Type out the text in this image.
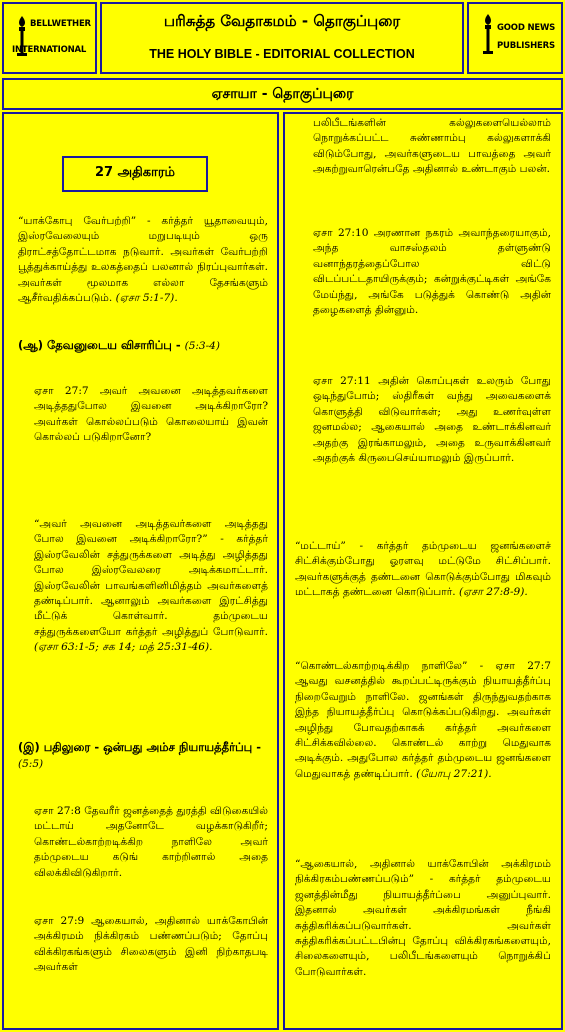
BELLWETHER
INTERNATIONAL
பரிசுத்த வேதாகமம் - தொகுப்புரை
THE HOLY BIBLE - EDITORIAL COLLECTION
GOOD NEWS
PUBLISHERS
ஏசாயா - தொகுப்புரை
27 அதிகாரம்

“யாக்கோபு வேர்பற்றி” - கர்த்தர் யூதாவையும், இஸ்ரவேலையும் மறுபடியும் ஒரு திராட்சத்தோட்டமாக நடுவார். அவர்கள் வேர்பற்றி பூத்துக்காய்த்து உலகத்தைப் பலனால் நிரப்புவார்கள். அவர்கள் மூலமாக எல்லா தேசங்களும் ஆசீர்வதிக்கப்படும். (ஏசா 5:1-7).

(ஆ) தேவனுடைய விசாரிப்பு - (5:3-4)

ஏசா 27:7 அவர் அவனை அடித்தவர்களை அடித்ததுபோல இவனை அடிக்கிறாரோ? அவர்கள் கொல்லப்படும் கொலையாய் இவன் கொல்லப் படுகிறானோ?

“அவர் அவனை அடித்தவர்களை அடித்தது போல இவனை அடிக்கிறாரோ?” - கர்த்தர் இஸ்ரவேலின் சத்துருக்களை அடித்து அழித்தது போல இஸ்ரவேலரை அடிக்கமாட்டார். இஸ்ரவேலின் பாவங்களினிமித்தம் அவர்களைத் தண்டிப்பார். ஆனாலும் அவர்களை இரட்சித்து மீட்டுக் கொள்வார். தம்முடைய சத்துருக்களையோ கர்த்தர் அழித்துப் போடுவார். (ஏசா 63:1-5; சக 14; மத் 25:31-46).

(இ) பதிலுரை - ஒன்பது அம்ச நியாயத்தீர்ப்பு - (5:5)

ஏசா 27:8 தேவரீர் ஜனத்தைத் துரத்தி விடுகையில் மட்டாய் அதனோடே வழக்காடுகிறீர்; கொண்டல்காற்றடிக்கிற நாளிலே அவர் தம்முடைய கடுங் காற்றினால் அதை விலக்கிவிடுகிறார்.

ஏசா 27:9 ஆகையால், அதினால் யாக்கோபின் அக்கிரமம் நிக்கிரகம் பண்ணப்படும்; தோப்பு விக்கிரகங்களும் சிலைகளும் இனி நிற்காதபடி அவர்கள்

பலிபீடங்களின் கல்லுகளையெல்லாம் நொறுக்கப்பட்ட சுண்ணாம்பு கல்லுகளாக்கி விடும்போது, அவர்களுடைய பாவத்தை அவர் அகற்றுவாரென்பதே அதினால் உண்டாகும் பலன்.

ஏசா 27:10 அரணான நகரம் அவாந்தரையாகும், அந்த வாசஸ்தலம் தள்ளுண்டு வனாந்தரத்தைப்போல விட்டு விடப்பட்டதாயிருக்கும்; கன்றுக்குட்டிகள் அங்கே மேய்ந்து, அங்கே படுத்துக் கொண்டு அதின் தழைகளைத் தின்னும்.

ஏசா 27:11 அதின் கொப்புகள் உலரும் போது ஒடிந்துபோம்; ஸ்திரீகள் வந்து அவைகளைக் கொளுத்தி விடுவார்கள்; அது உணர்வுள்ள ஜனமல்ல; ஆகையால் அதை உண்டாக்கினவர் அதற்கு இரங்காமலும், அதை உருவாக்கினவர் அதற்குக் கிருபைசெய்யாமலும் இருப்பார்.

“மட்டாய்” - கர்த்தர் தம்முடைய ஜனங்களைச் சிட்சிக்கும்போது ஓரளவு மட்டுமே சிட்சிப்பார். அவர்களுக்குத் தண்டனை கொடுக்கும்போது மிகவும் மட்டாகத் தண்டனை கொடுப்பார். (ஏசா 27:8-9).

“கொண்டல்காற்றடிக்கிற நாளிலே” - ஏசா 27:7 ஆவது வசனத்தில் கூறப்பட்டிருக்கும் நியாயத்தீர்ப்பு நிறைவேறும் நாளிலே. ஜனங்கள் திருந்துவதற்காக இந்த நியாயத்தீர்ப்பு கொடுக்கப்படுகிறது. அவர்கள் அழிந்து போவதற்காகக் கர்த்தர் அவர்களை சிட்சிக்கவில்லை. கொண்டல் காற்று மெதுவாக அடிக்கும். அதுபோல கர்த்தர் தம்முடைய ஜனங்களை மெதுவாகத் தண்டிப்பார். (யோபு 27:21).

“ஆகையால், அதினால் யாக்கோபின் அக்கிரமம் நிக்கிரகம்பண்ணப்படும்” - கர்த்தர் தம்முடைய ஜனத்தின்மீது நியாயத்தீர்ப்பை அனுப்புவார். இதனால் அவர்கள் அக்கிரமங்கள் நீங்கி சுத்திகரிக்கப்படுவார்கள். அவர்கள் சுத்திகரிக்கப்பட்டபின்பு தோப்பு விக்கிரகங்களையும், சிலைகளையும், பலிபீடங்களையும் நொறுக்கிப் போடுவார்கள்.
